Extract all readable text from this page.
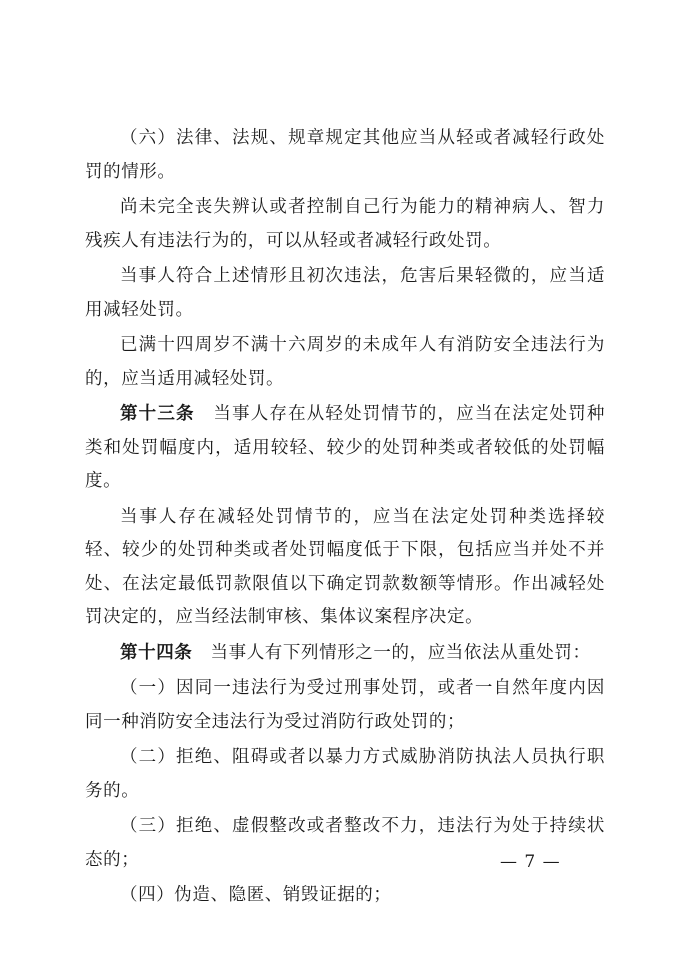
（六）法律、法规、规章规定其他应当从轻或者减轻行政处罚的情形。

尚未完全丧失辨认或者控制自己行为能力的精神病人、智力残疾人有违法行为的，可以从轻或者减轻行政处罚。

当事人符合上述情形且初次违法，危害后果轻微的，应当适用减轻处罚。

已满十四周岁不满十六周岁的未成年人有消防安全违法行为的，应当适用减轻处罚。

第十三条　当事人存在从轻处罚情节的，应当在法定处罚种类和处罚幅度内，适用较轻、较少的处罚种类或者较低的处罚幅度。

当事人存在减轻处罚情节的，应当在法定处罚种类选择较轻、较少的处罚种类或者处罚幅度低于下限，包括应当并处不并处、在法定最低罚款限值以下确定罚款数额等情形。作出减轻处罚决定的，应当经法制审核、集体议案程序决定。

第十四条　当事人有下列情形之一的，应当依法从重处罚：

（一）因同一违法行为受过刑事处罚，或者一自然年度内因同一种消防安全违法行为受过消防行政处罚的；

（二）拒绝、阻碍或者以暴力方式威胁消防执法人员执行职务的。

（三）拒绝、虚假整改或者整改不力，违法行为处于持续状态的；

（四）伪造、隐匿、销毁证据的；

— 7 —
